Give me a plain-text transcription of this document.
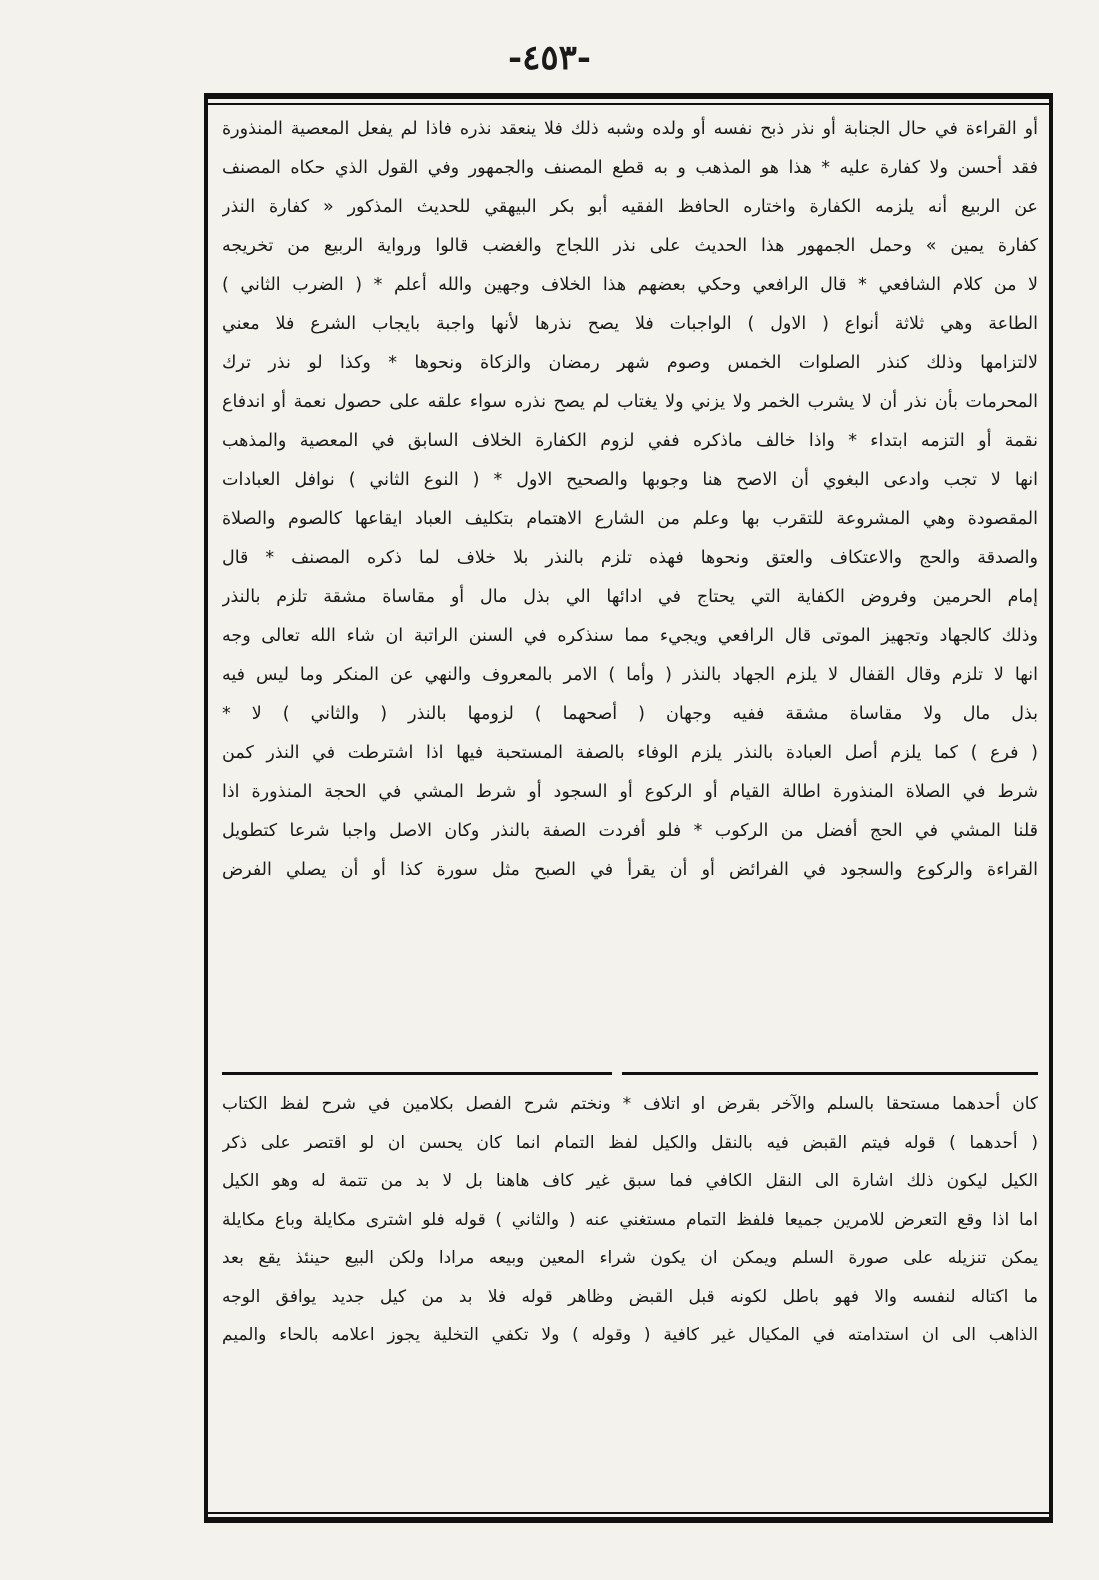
-٤٥٣-
أو القراءة في حال الجنابة أو نذر ذبح نفسه أو ولده وشبه ذلك فلا ينعقد نذره فاذا لم يفعل المعصية المنذورة
فقد أحسن ولا كفارة عليه * هذا هو المذهب و به قطع المصنف والجمهور وفي القول الذي حكاه المصنف
عن الربيع أنه يلزمه الكفارة واختاره الحافظ الفقيه أبو بكر البيهقي للحديث المذكور « كفارة النذر
كفارة يمين » وحمل الجمهور هذا الحديث على نذر اللجاج والغضب قالوا ورواية الربيع من تخريجه
لا من كلام الشافعي * قال الرافعي وحكي بعضهم هذا الخلاف وجهين والله أعلم * ( الضرب الثاني )
الطاعة وهي ثلاثة أنواع ( الاول ) الواجبات فلا يصح نذرها لأنها واجبة بايجاب الشرع فلا معني
لالتزامها وذلك كنذر الصلوات الخمس وصوم شهر رمضان والزكاة ونحوها * وكذا لو نذر ترك
المحرمات بأن نذر أن لا يشرب الخمر ولا يزني ولا يغتاب لم يصح نذره سواء علقه على حصول نعمة أو اندفاع
نقمة أو التزمه ابتداء * واذا خالف ماذكره ففي لزوم الكفارة الخلاف السابق في المعصية والمذهب
انها لا تجب وادعى البغوي أن الاصح هنا وجوبها والصحيح الاول * ( النوع الثاني ) نوافل العبادات
المقصودة وهي المشروعة للتقرب بها وعلم من الشارع الاهتمام بتكليف العباد ايقاعها كالصوم والصلاة
والصدقة والحج والاعتكاف والعتق ونحوها فهذه تلزم بالنذر بلا خلاف لما ذكره المصنف * قال
إمام الحرمين وفروض الكفاية التي يحتاج في ادائها الي بذل مال أو مقاساة مشقة تلزم بالنذر
وذلك كالجهاد وتجهيز الموتى قال الرافعي ويجيء مما سنذكره في السنن الراتبة ان شاء الله تعالى وجه
انها لا تلزم وقال القفال لا يلزم الجهاد بالنذر ( وأما ) الامر بالمعروف والنهي عن المنكر وما ليس فيه
بذل مال ولا مقاساة مشقة ففيه وجهان ( أصحهما ) لزومها بالنذر ( والثاني ) لا *
( فرع ) كما يلزم أصل العبادة بالنذر يلزم الوفاء بالصفة المستحبة فيها اذا اشترطت في النذر كمن
شرط في الصلاة المنذورة اطالة القيام أو الركوع أو السجود أو شرط المشي في الحجة المنذورة اذا
قلنا المشي في الحج أفضل من الركوب * فلو أفردت الصفة بالنذر وكان الاصل واجبا شرعا كتطويل
القراءة والركوع والسجود في الفرائض أو أن يقرأ في الصبح مثل سورة كذا أو أن يصلي الفرض
كان أحدهما مستحقا بالسلم والآخر بقرض او اتلاف * ونختم شرح الفصل بكلامين في شرح لفظ الكتاب
( أحدهما ) قوله فيتم القبض فيه بالنقل والكيل لفظ التمام انما كان يحسن ان لو اقتصر على ذكر
الكيل ليكون ذلك اشارة الى النقل الكافي فما سبق غير كاف هاهنا بل لا بد من تتمة له وهو الكيل
اما اذا وقع التعرض للامرين جميعا فلفظ التمام مستغني عنه ( والثاني ) قوله فلو اشترى مكايلة وباع مكايلة
يمكن تنزيله على صورة السلم ويمكن ان يكون شراء المعين وبيعه مرادا ولكن البيع حينئذ يقع بعد
ما اكتاله لنفسه والا فهو باطل لكونه قبل القبض وظاهر قوله فلا بد من كيل جديد يوافق الوجه
الذاهب الى ان استدامته في المكيال غير كافية ( وقوله ) ولا تكفي التخلية يجوز اعلامه بالحاء والميم
